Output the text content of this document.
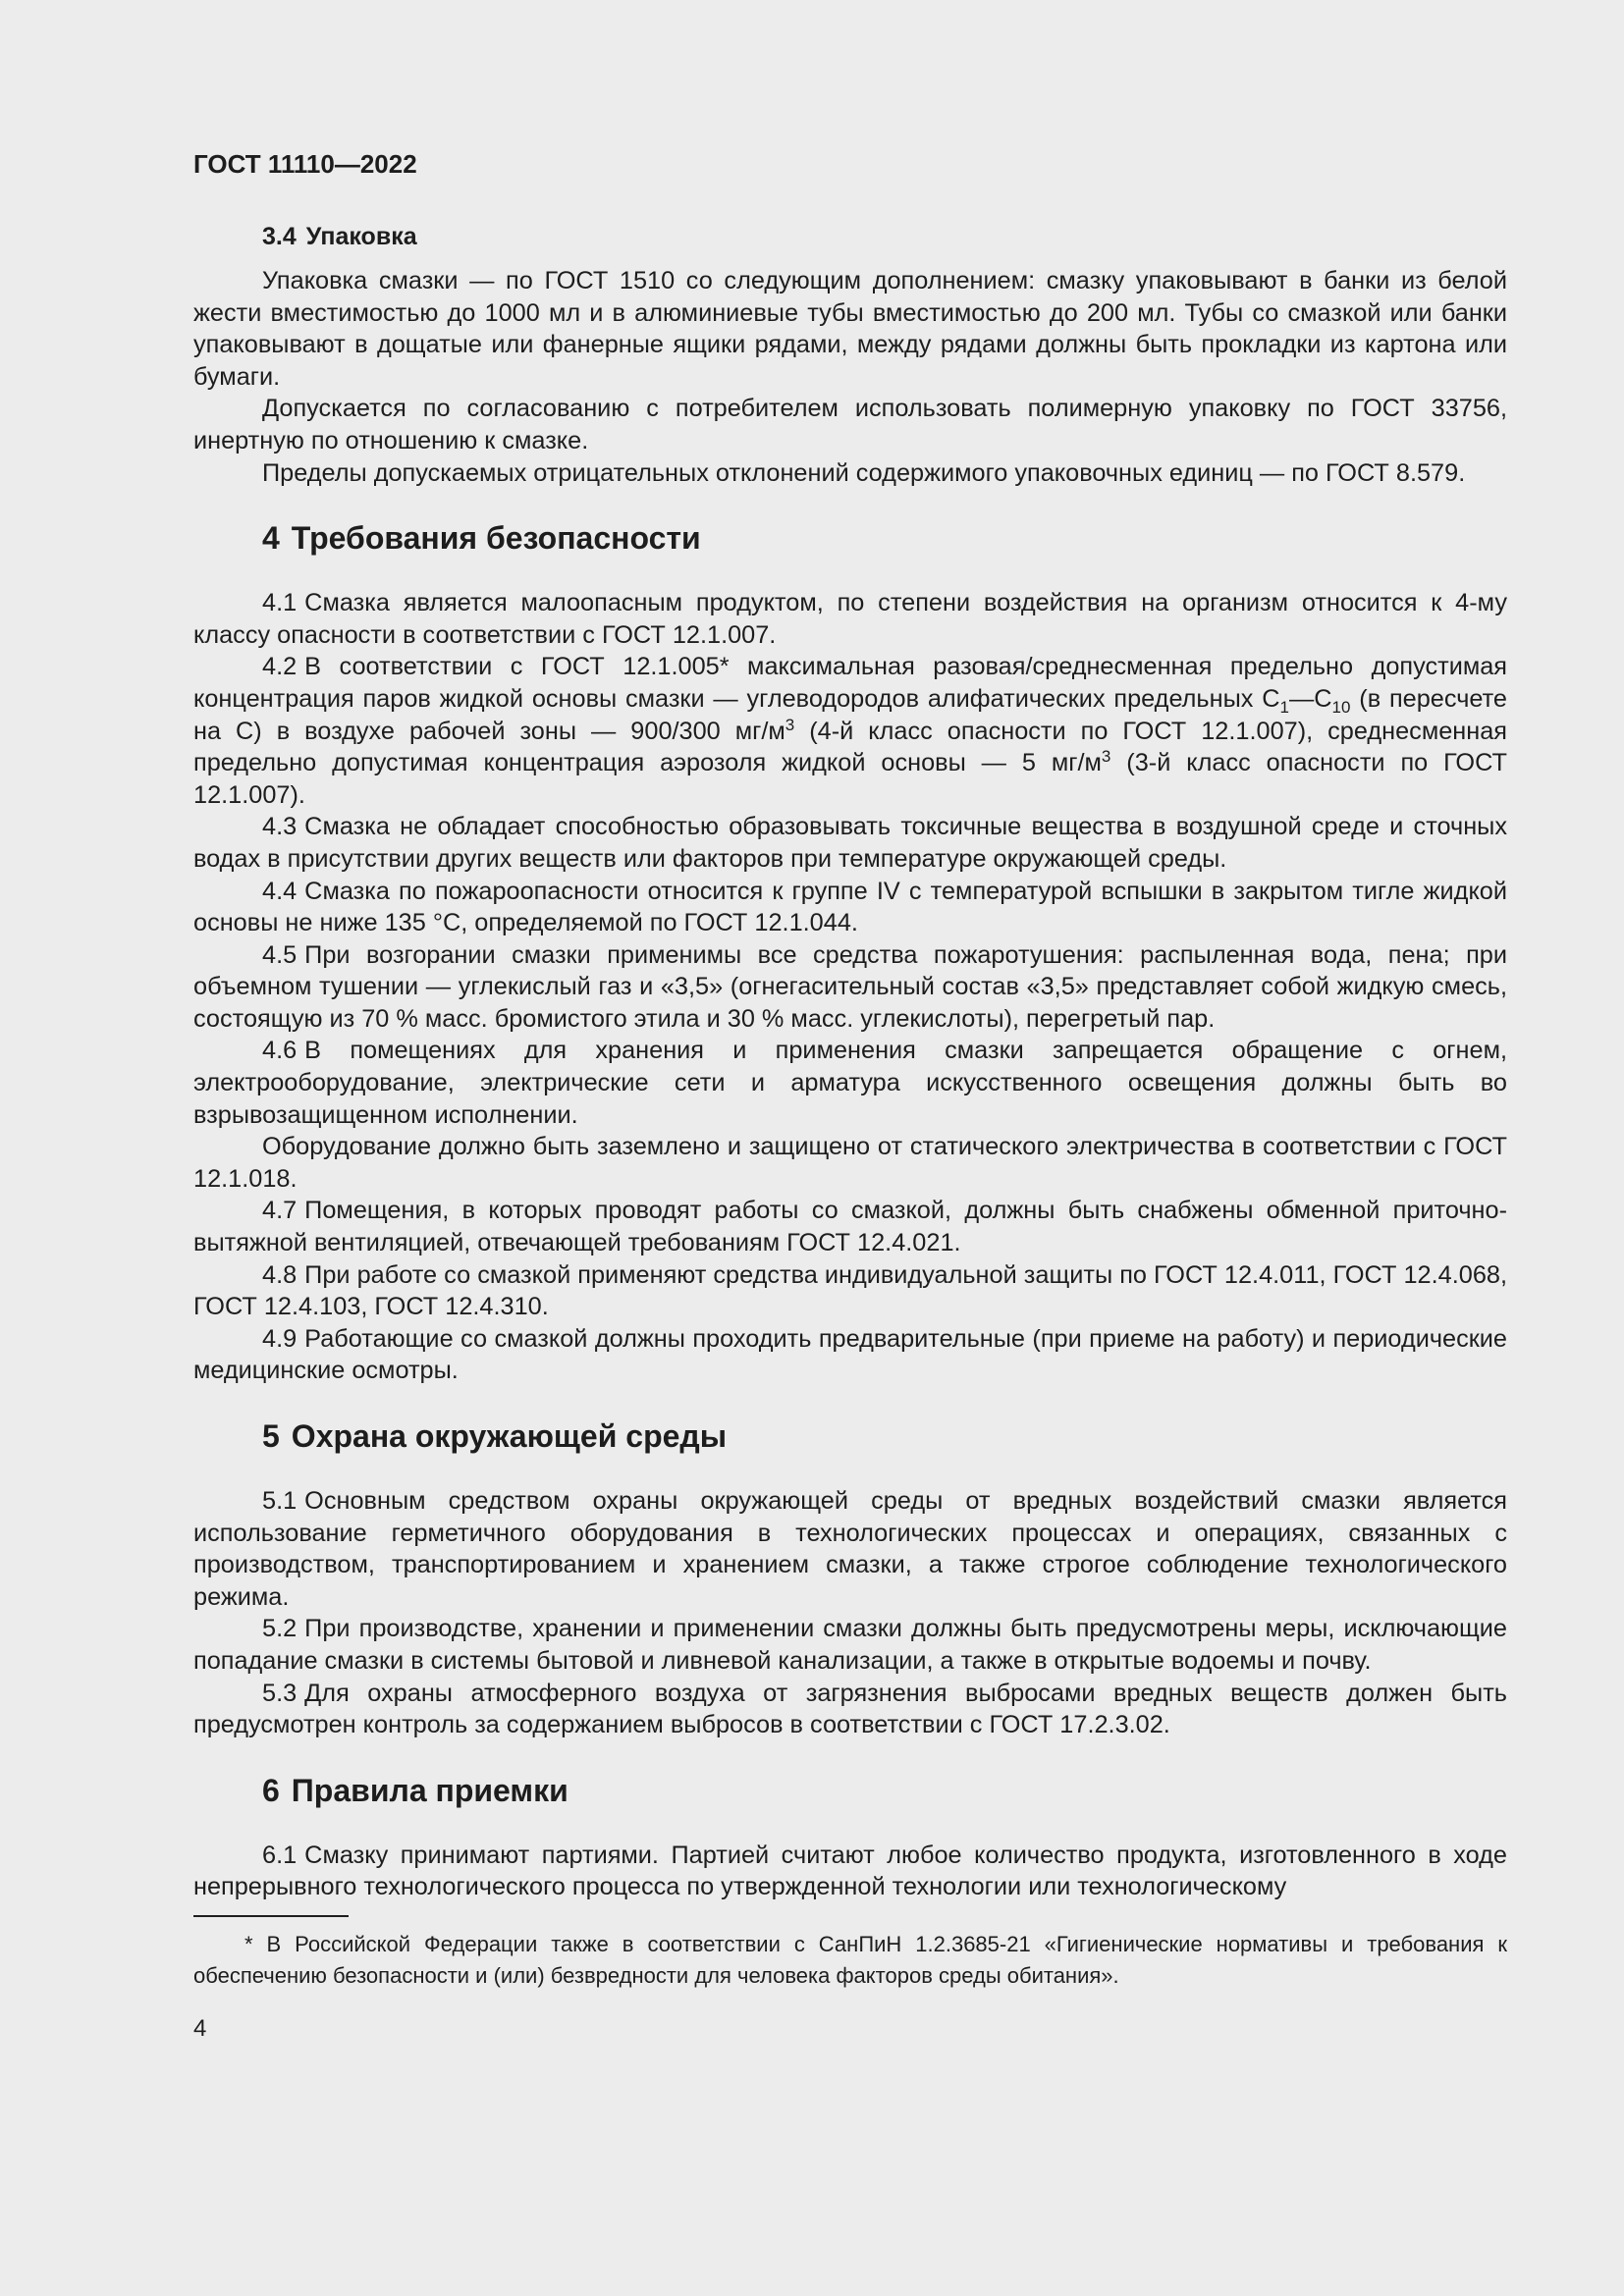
ГОСТ 11110—2022
3.4 Упаковка

Упаковка смазки — по ГОСТ 1510 со следующим дополнением: смазку упаковывают в банки из белой жести вместимостью до 1000 мл и в алюминиевые тубы вместимостью до 200 мл. Тубы со смазкой или банки упаковывают в дощатые или фанерные ящики рядами, между рядами должны быть прокладки из картона или бумаги.

Допускается по согласованию с потребителем использовать полимерную упаковку по ГОСТ 33756, инертную по отношению к смазке.

Пределы допускаемых отрицательных отклонений содержимого упаковочных единиц — по ГОСТ 8.579.

4 Требования безопасности

4.1 Смазка является малоопасным продуктом, по степени воздействия на организм относится к 4-му классу опасности в соответствии с ГОСТ 12.1.007.

4.2 В соответствии с ГОСТ 12.1.005* максимальная разовая/среднесменная предельно допустимая концентрация паров жидкой основы смазки — углеводородов алифатических предельных $С_1—С_{10}$ (в пересчете на С) в воздухе рабочей зоны — 900/300 $мг/м^3$ (4-й класс опасности по ГОСТ 12.1.007), среднесменная предельно допустимая концентрация аэрозоля жидкой основы — 5 $мг/м^3$ (3-й класс опасности по ГОСТ 12.1.007).

4.3 Смазка не обладает способностью образовывать токсичные вещества в воздушной среде и сточных водах в присутствии других веществ или факторов при температуре окружающей среды.

4.4 Смазка по пожароопасности относится к группе IV с температурой вспышки в закрытом тигле жидкой основы не ниже 135 °С, определяемой по ГОСТ 12.1.044.

4.5 При возгорании смазки применимы все средства пожаротушения: распыленная вода, пена; при объемном тушении — углекислый газ и «3,5» (огнегасительный состав «3,5» представляет собой жидкую смесь, состоящую из 70 % масс. бромистого этила и 30 % масс. углекислоты), перегретый пар.

4.6 В помещениях для хранения и применения смазки запрещается обращение с огнем, электрооборудование, электрические сети и арматура искусственного освещения должны быть во взрывозащищенном исполнении.

Оборудование должно быть заземлено и защищено от статического электричества в соответствии с ГОСТ 12.1.018.

4.7 Помещения, в которых проводят работы со смазкой, должны быть снабжены обменной приточно-вытяжной вентиляцией, отвечающей требованиям ГОСТ 12.4.021.

4.8 При работе со смазкой применяют средства индивидуальной защиты по ГОСТ 12.4.011, ГОСТ 12.4.068, ГОСТ 12.4.103, ГОСТ 12.4.310.

4.9 Работающие со смазкой должны проходить предварительные (при приеме на работу) и периодические медицинские осмотры.

5 Охрана окружающей среды

5.1 Основным средством охраны окружающей среды от вредных воздействий смазки является использование герметичного оборудования в технологических процессах и операциях, связанных с производством, транспортированием и хранением смазки, а также строгое соблюдение технологического режима.

5.2 При производстве, хранении и применении смазки должны быть предусмотрены меры, исключающие попадание смазки в системы бытовой и ливневой канализации, а также в открытые водоемы и почву.

5.3 Для охраны атмосферного воздуха от загрязнения выбросами вредных веществ должен быть предусмотрен контроль за содержанием выбросов в соответствии с ГОСТ 17.2.3.02.

6 Правила приемки

6.1 Смазку принимают партиями. Партией считают любое количество продукта, изготовленного в ходе непрерывного технологического процесса по утвержденной технологии или технологическому

* В Российской Федерации также в соответствии с СанПиН 1.2.3685-21 «Гигиенические нормативы и требования к обеспечению безопасности и (или) безвредности для человека факторов среды обитания».

4
